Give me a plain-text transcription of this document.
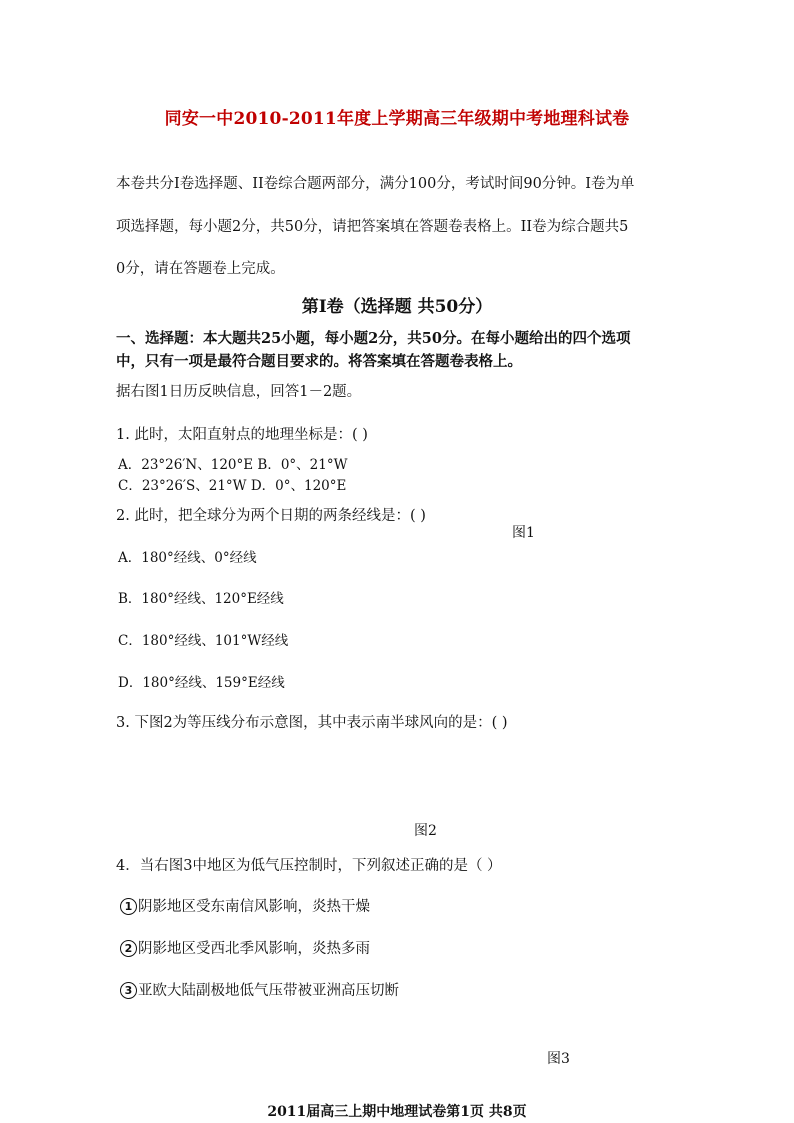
同安一中2010-2011年度上学期高三年级期中考地理科试卷
本卷共分I卷选择题、II卷综合题两部分，满分100分，考试时间90分钟。I卷为单
项选择题，每小题2分，共50分，请把答案填在答题卷表格上。II卷为综合题共5
0分，请在答题卷上完成。
第I卷（选择题 共50分）
一、选择题：本大题共25小题，每小题2分，共50分。在每小题给出的四个选项
中，只有一项是最符合题目要求的。将答案填在答题卷表格上。
据右图1日历反映信息，回答1－2题。
1. 此时，太阳直射点的地理坐标是：( )
A．23°26′N、120°E B．0°、21°W
C．23°26′S、21°W D．0°、120°E
2. 此时，把全球分为两个日期的两条经线是：( )
图1
A．180°经线、0°经线
B．180°经线、120°E经线
C．180°经线、101°W经线
D．180°经线、159°E经线
3. 下图2为等压线分布示意图，其中表示南半球风向的是：( )
图2
4．当右图3中地区为低气压控制时，下列叙述正确的是（ ）
1 阴影地区受东南信风影响，炎热干燥
2 阴影地区受西北季风影响，炎热多雨
3 亚欧大陆副极地低气压带被亚洲高压切断
图3
2011届高三上期中地理试卷第1页 共8页
